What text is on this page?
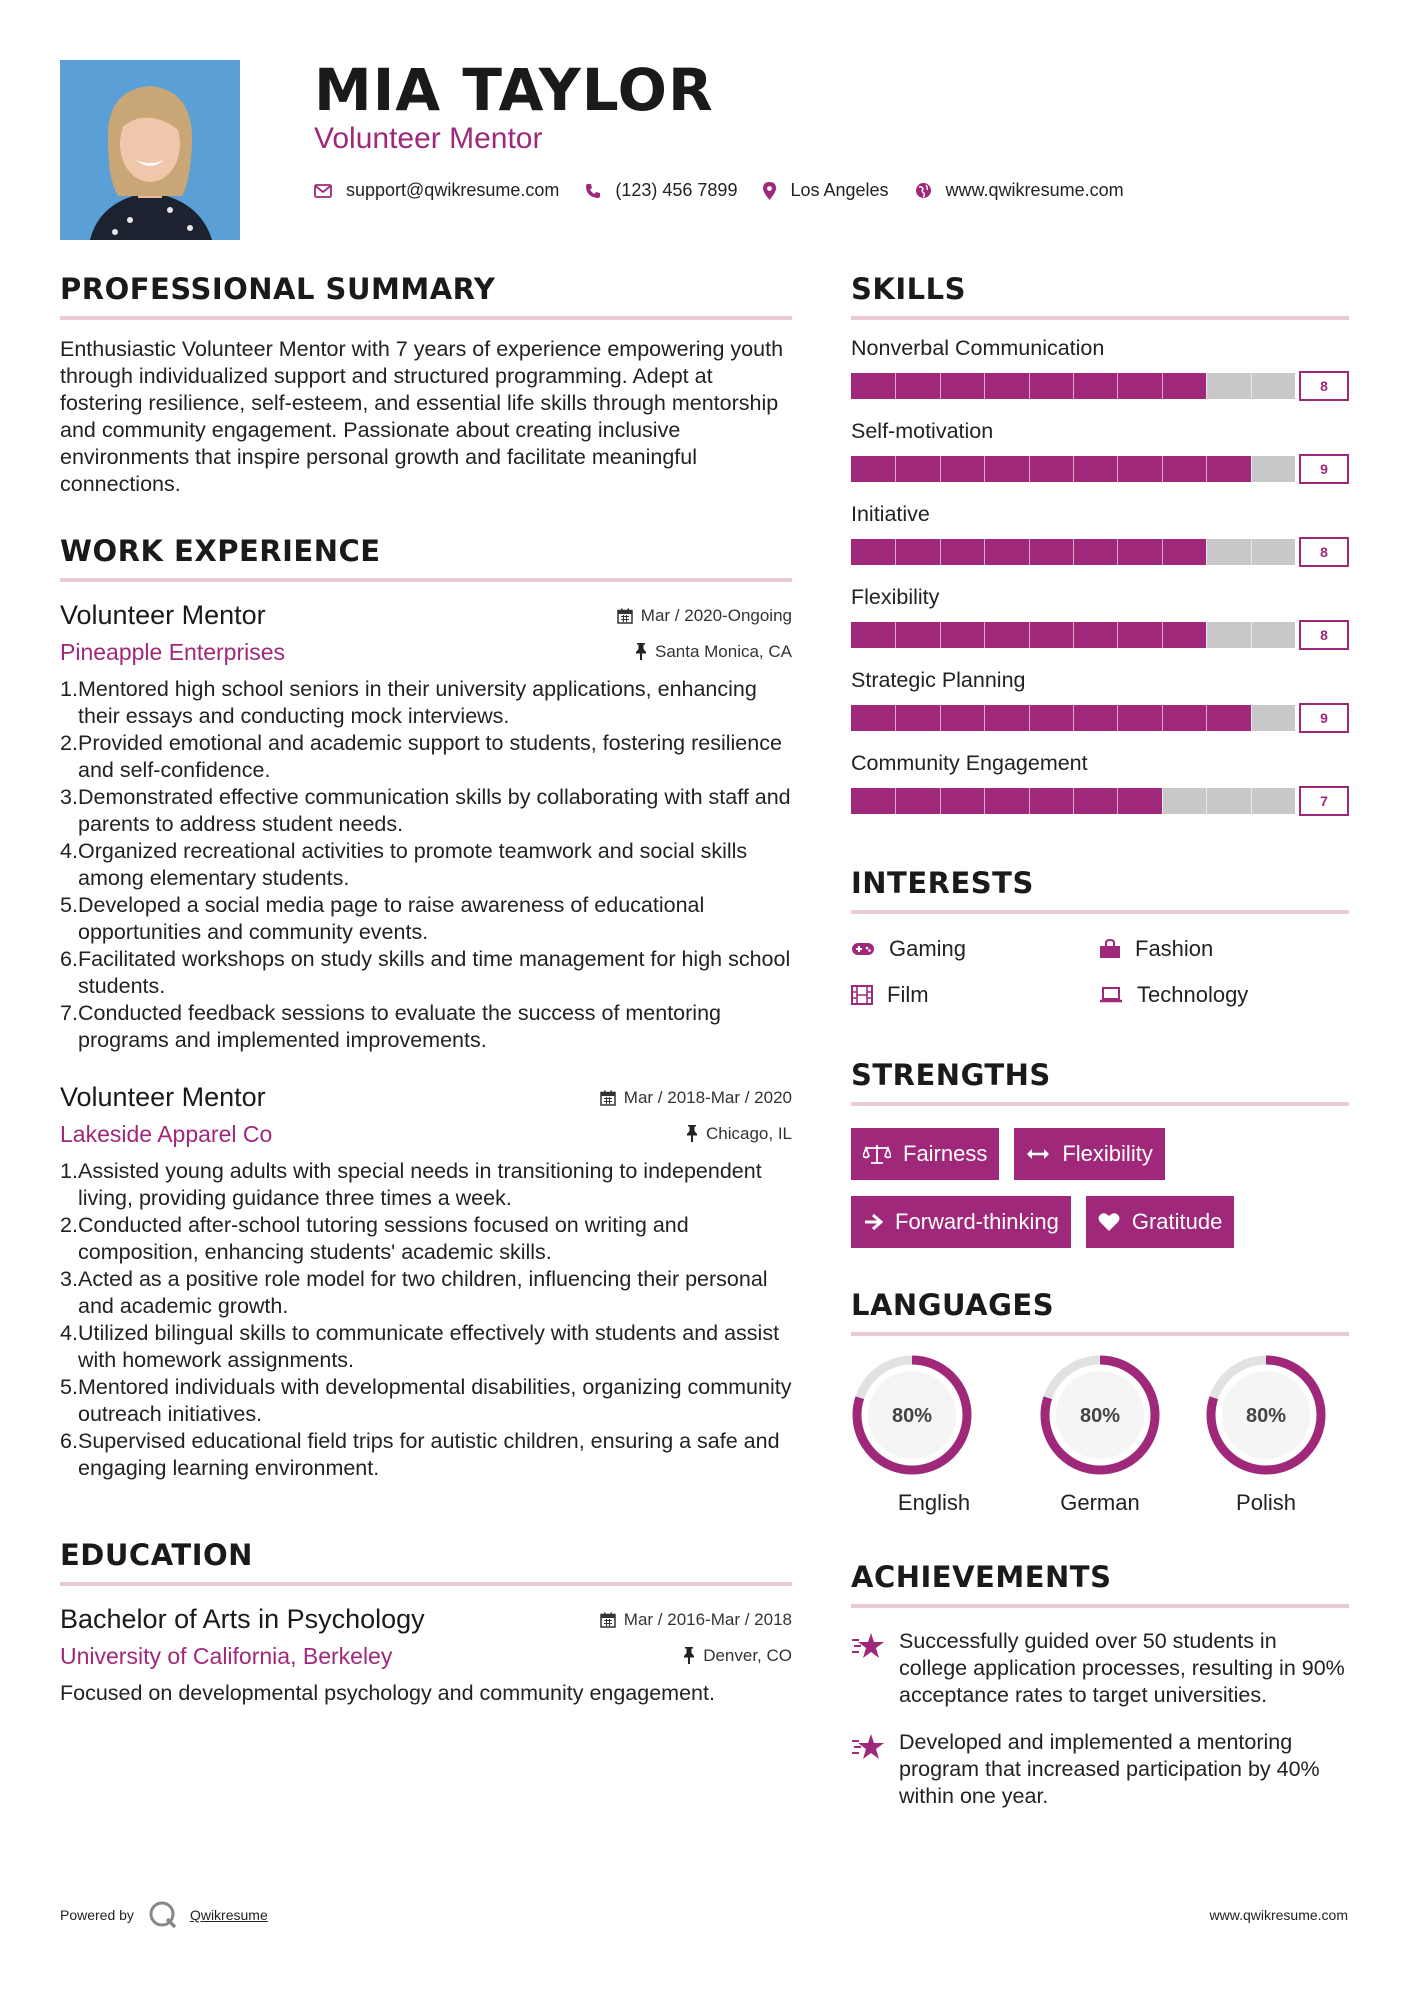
MIA TAYLOR
Volunteer Mentor
support@qwikresume.com	(123) 456 7899	Los Angeles	www.qwikresume.com
PROFESSIONAL SUMMARY
Enthusiastic Volunteer Mentor with 7 years of experience empowering youth through individualized support and structured programming. Adept at fostering resilience, self-esteem, and essential life skills through mentorship and community engagement. Passionate about creating inclusive environments that inspire personal growth and facilitate meaningful connections.
WORK EXPERIENCE
Volunteer Mentor	Mar / 2020-Ongoing
Pineapple Enterprises	Santa Monica, CA
1. Mentored high school seniors in their university applications, enhancing their essays and conducting mock interviews.
2. Provided emotional and academic support to students, fostering resilience and self-confidence.
3. Demonstrated effective communication skills by collaborating with staff and parents to address student needs.
4. Organized recreational activities to promote teamwork and social skills among elementary students.
5. Developed a social media page to raise awareness of educational opportunities and community events.
6. Facilitated workshops on study skills and time management for high school students.
7. Conducted feedback sessions to evaluate the success of mentoring programs and implemented improvements.
Volunteer Mentor	Mar / 2018-Mar / 2020
Lakeside Apparel Co	Chicago, IL
1. Assisted young adults with special needs in transitioning to independent living, providing guidance three times a week.
2. Conducted after-school tutoring sessions focused on writing and composition, enhancing students' academic skills.
3. Acted as a positive role model for two children, influencing their personal and academic growth.
4. Utilized bilingual skills to communicate effectively with students and assist with homework assignments.
5. Mentored individuals with developmental disabilities, organizing community outreach initiatives.
6. Supervised educational field trips for autistic children, ensuring a safe and engaging learning environment.
EDUCATION
Bachelor of Arts in Psychology	Mar / 2016-Mar / 2018
University of California, Berkeley	Denver, CO
Focused on developmental psychology and community engagement.
SKILLS
Nonverbal Communication
8
Self-motivation
9
Initiative
8
Flexibility
8
Strategic Planning
9
Community Engagement
7
INTERESTS
Gaming	Fashion
Film	Technology
STRENGTHS
Fairness	Flexibility
Forward-thinking	Gratitude
LANGUAGES
80%
English
80%
German
80%
Polish
ACHIEVEMENTS
Successfully guided over 50 students in college application processes, resulting in 90% acceptance rates to target universities.
Developed and implemented a mentoring program that increased participation by 40% within one year.
Powered by	Qwikresume	www.qwikresume.com
